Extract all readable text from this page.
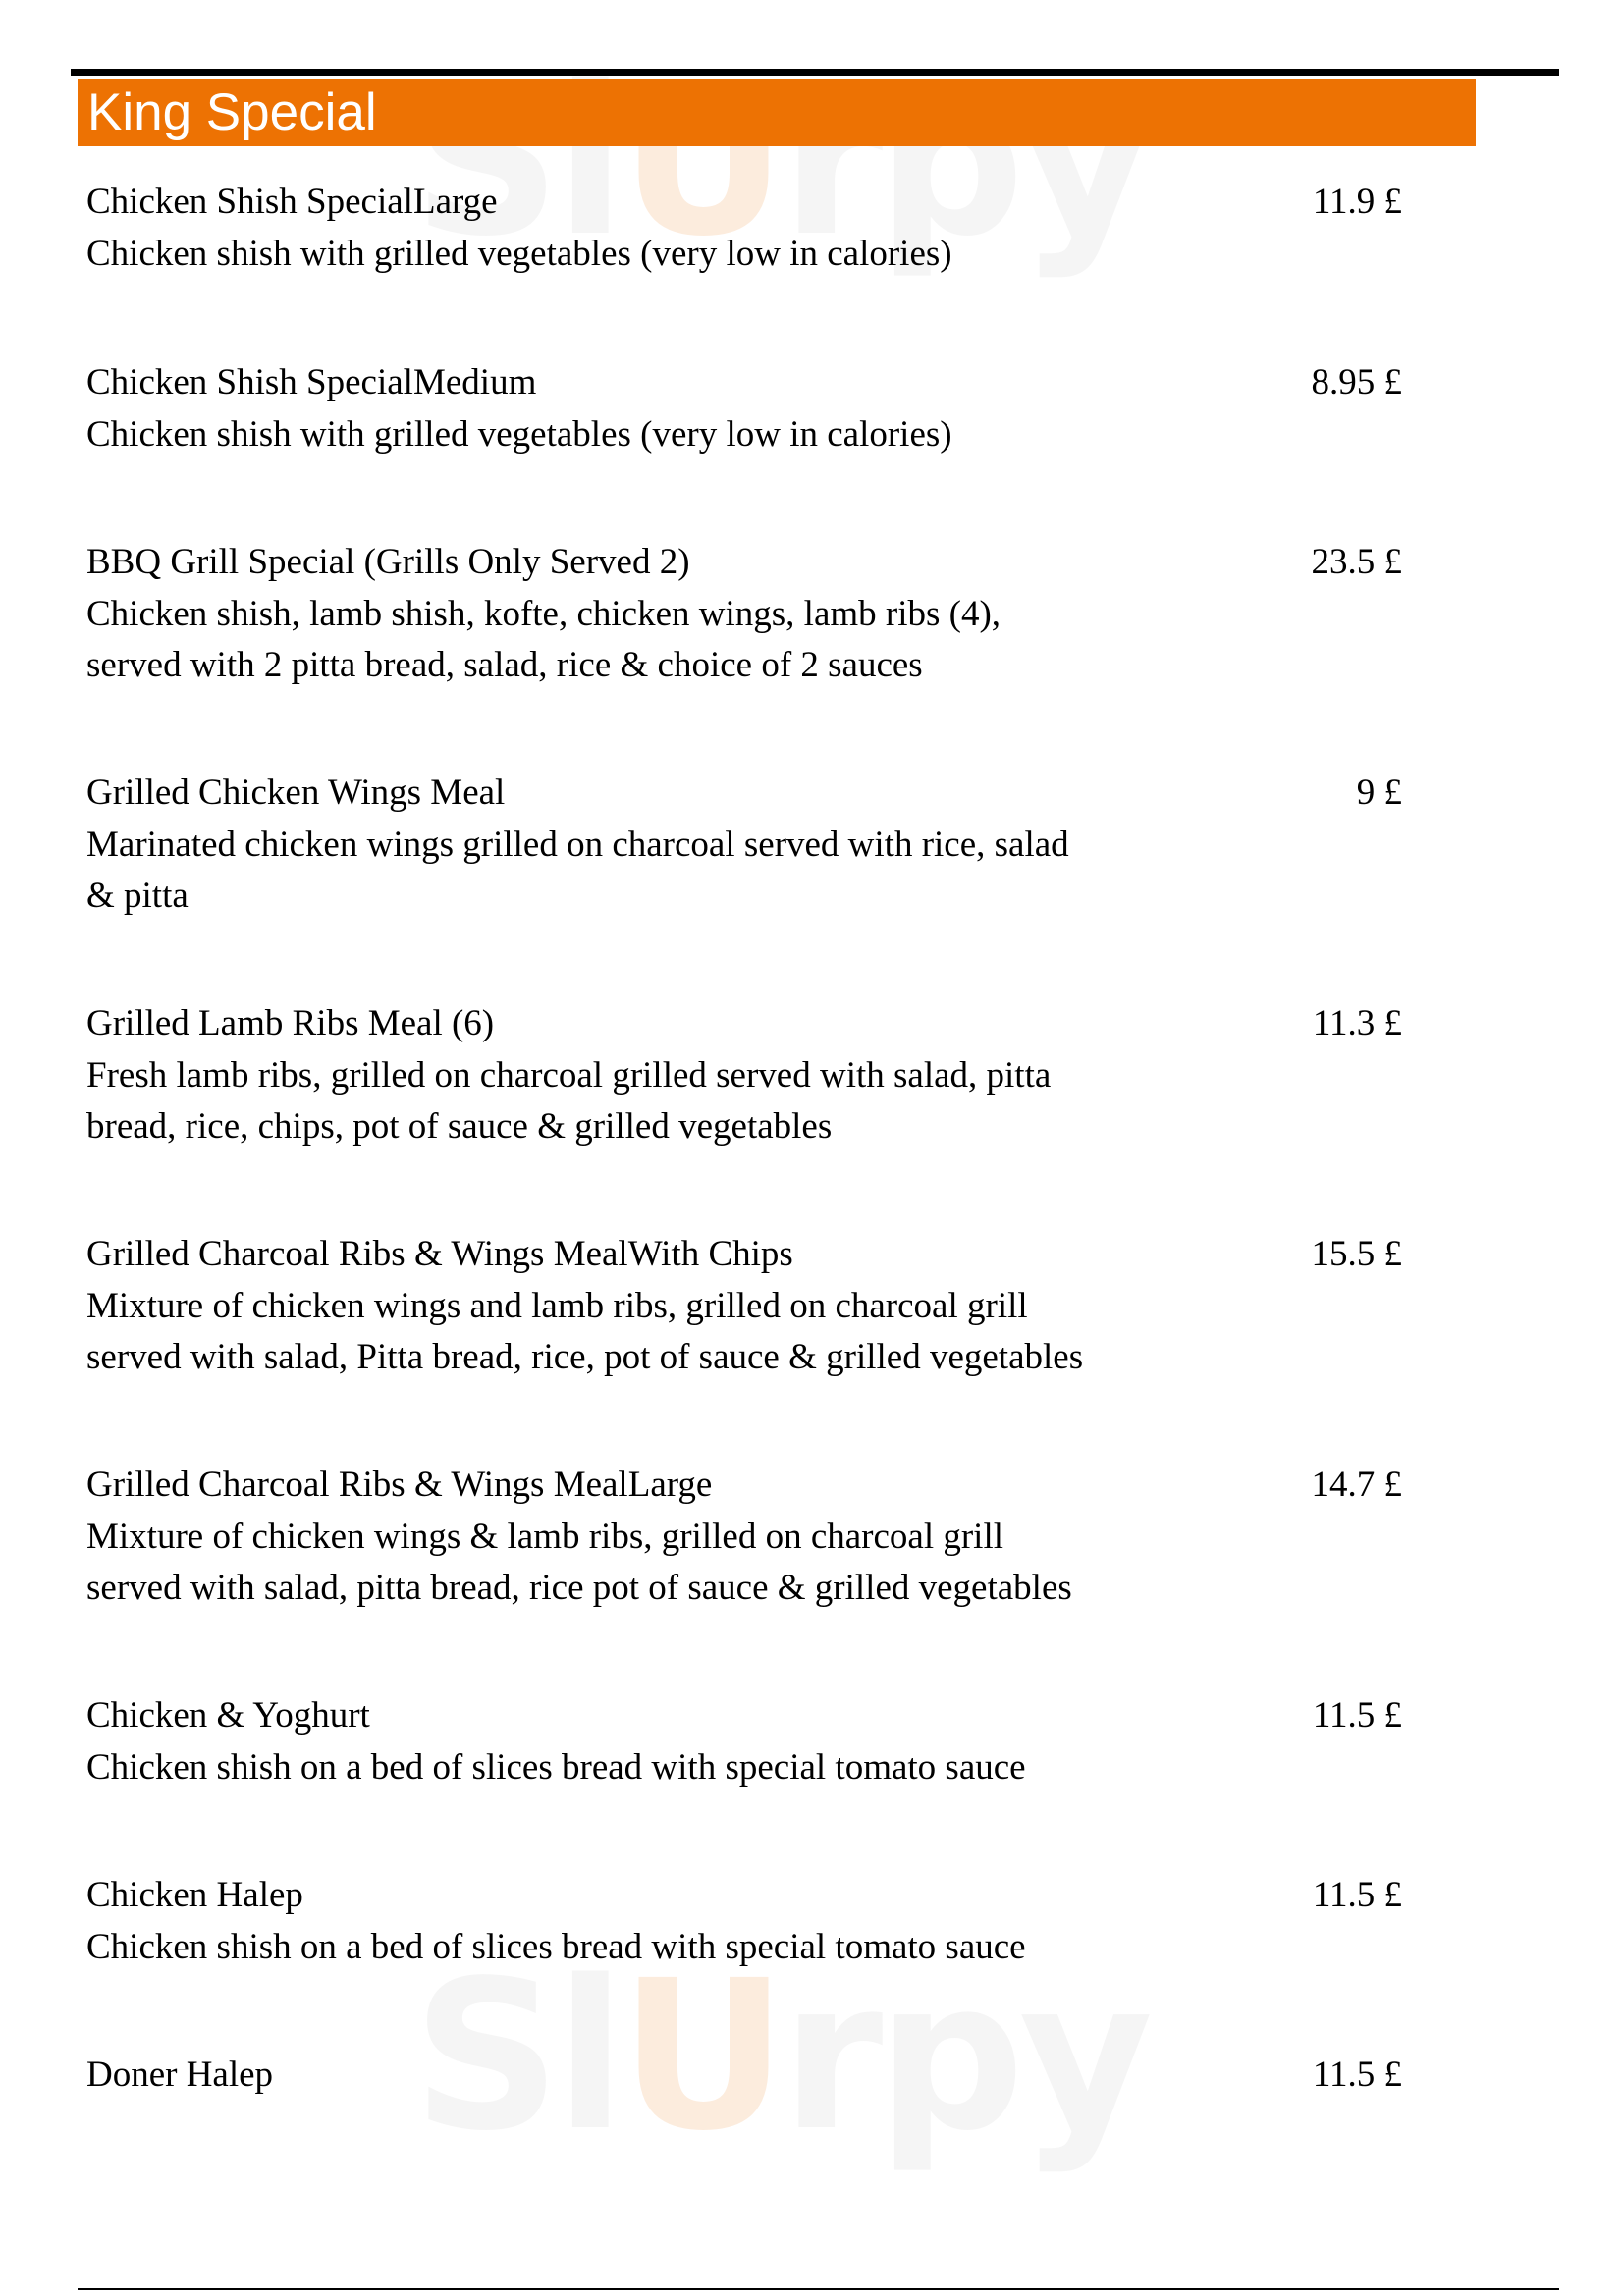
SlUrpy
SlUrpy
King Special
Chicken Shish SpecialLarge
Chicken shish with grilled vegetables (very low in calories)
11.9 £
Chicken Shish SpecialMedium
Chicken shish with grilled vegetables (very low in calories)
8.95 £
BBQ Grill Special (Grills Only Served 2)
Chicken shish, lamb shish, kofte, chicken wings, lamb ribs (4),
served with 2 pitta bread, salad, rice & choice of 2 sauces
23.5 £
Grilled Chicken Wings Meal
Marinated chicken wings grilled on charcoal served with rice, salad
& pitta
9 £
Grilled Lamb Ribs Meal (6)
Fresh lamb ribs, grilled on charcoal grilled served with salad, pitta
bread, rice, chips, pot of sauce & grilled vegetables
11.3 £
Grilled Charcoal Ribs & Wings MealWith Chips
Mixture of chicken wings and lamb ribs, grilled on charcoal grill
served with salad, Pitta bread, rice, pot of sauce & grilled vegetables
15.5 £
Grilled Charcoal Ribs & Wings MealLarge
Mixture of chicken wings & lamb ribs, grilled on charcoal grill
served with salad, pitta bread, rice pot of sauce & grilled vegetables
14.7 £
Chicken & Yoghurt
Chicken shish on a bed of slices bread with special tomato sauce
11.5 £
Chicken Halep
Chicken shish on a bed of slices bread with special tomato sauce
11.5 £
Doner Halep	11.5 £
